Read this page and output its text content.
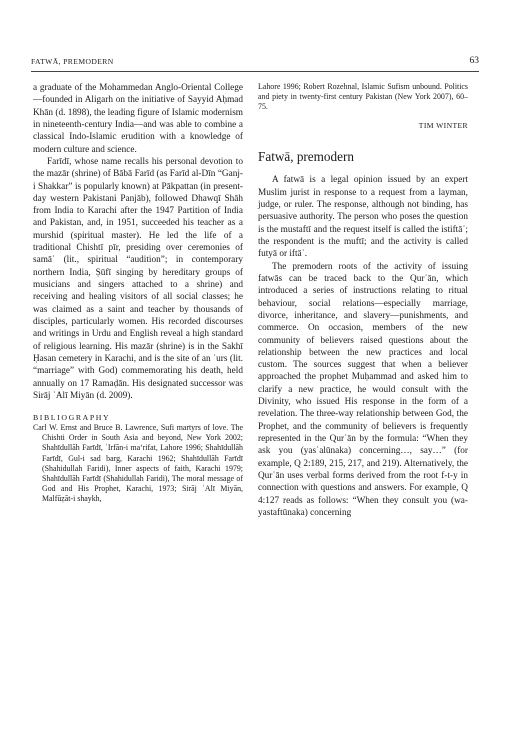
FATWĀ, PREMODERN	63

a graduate of the Mohammedan Anglo-Oriental College—founded in Aligarh on the initiative of Sayyid Aḥmad Khān (d. 1898), the leading figure of Islamic modernism in nineteenth-century India—and was able to combine a classical Indo-Islamic erudition with a knowledge of modern culture and science.

Farīdī, whose name recalls his personal devotion to the mazār (shrine) of Bābā Farīd (as Farīd al-Dīn “Ganj-i Shakkar” is popularly known) at Pākpattan (in present-day western Pakistani Panjāb), followed Dhawqī Shāh from India to Karachi after the 1947 Partition of India and Pakistan, and, in 1951, succeeded his teacher as a murshid (spiritual master). He led the life of a traditional Chishtī pīr, presiding over ceremonies of samāʿ (lit., spiritual “audition”; in contemporary northern India, Ṣūfī singing by hereditary groups of musicians and singers attached to a shrine) and receiving and healing visitors of all social classes; he was claimed as a saint and teacher by thousands of disciples, particularly women. His recorded discourses and writings in Urdu and English reveal a high standard of religious learning. His mazār (shrine) is in the Sakhī Ḥasan cemetery in Karachi, and is the site of an ʿurs (lit. “marriage” with God) commemorating his death, held annually on 17 Ramaḍān. His designated successor was Sirāj ʿAlī Miyān (d. 2009).

BIBLIOGRAPHY

Carl W. Ernst and Bruce B. Lawrence, Sufi martyrs of love. The Chishti Order in South Asia and beyond, New York 2002; Shahīdullāh Farīdī, ʿIrfān-i ma‘rifat, Lahore 1996; Shahīdullāh Farīdī, Gul-i sad barg, Karachi 1962; Shahīdullāh Farīdī (Shahidullah Faridi), Inner aspects of faith, Karachi 1979; Shahīdullāh Farīdī (Shahidullah Faridi), The moral message of God and His Prophet, Karachi, 1973; Sirāj ʿAlī Miyān, Malfūẓāt-i shaykh,

Lahore 1996; Robert Rozehnal, Islamic Sufism unbound. Politics and piety in twenty-first century Pakistan (New York 2007), 60–75.

TIM WINTER
Fatwā, premodern

A fatwā is a legal opinion issued by an expert Muslim jurist in response to a request from a layman, judge, or ruler. The response, although not binding, has persuasive authority. The person who poses the question is the mustaftī and the request itself is called the istiftāʾ; the respondent is the muftī; and the activity is called futyā or iftāʾ.

The premodern roots of the activity of issuing fatwās can be traced back to the Qurʾān, which introduced a series of instructions relating to ritual behaviour, social relations—especially marriage, divorce, inheritance, and slavery—punishments, and commerce. On occasion, members of the new community of believers raised questions about the relationship between the new practices and local custom. The sources suggest that when a believer approached the prophet Muḥammad and asked him to clarify a new practice, he would consult with the Divinity, who issued His response in the form of a revelation. The three-way relationship between God, the Prophet, and the community of believers is frequently represented in the Qurʾān by the formula: “When they ask you (yasʾalūnaka) concerning…, say…” (for example, Q 2:189, 215, 217, and 219). Alternatively, the Qurʾān uses verbal forms derived from the root f-t-y in connection with questions and answers. For example, Q 4:127 reads as follows: “When they consult you (wa-yastaftūnaka) concerning
